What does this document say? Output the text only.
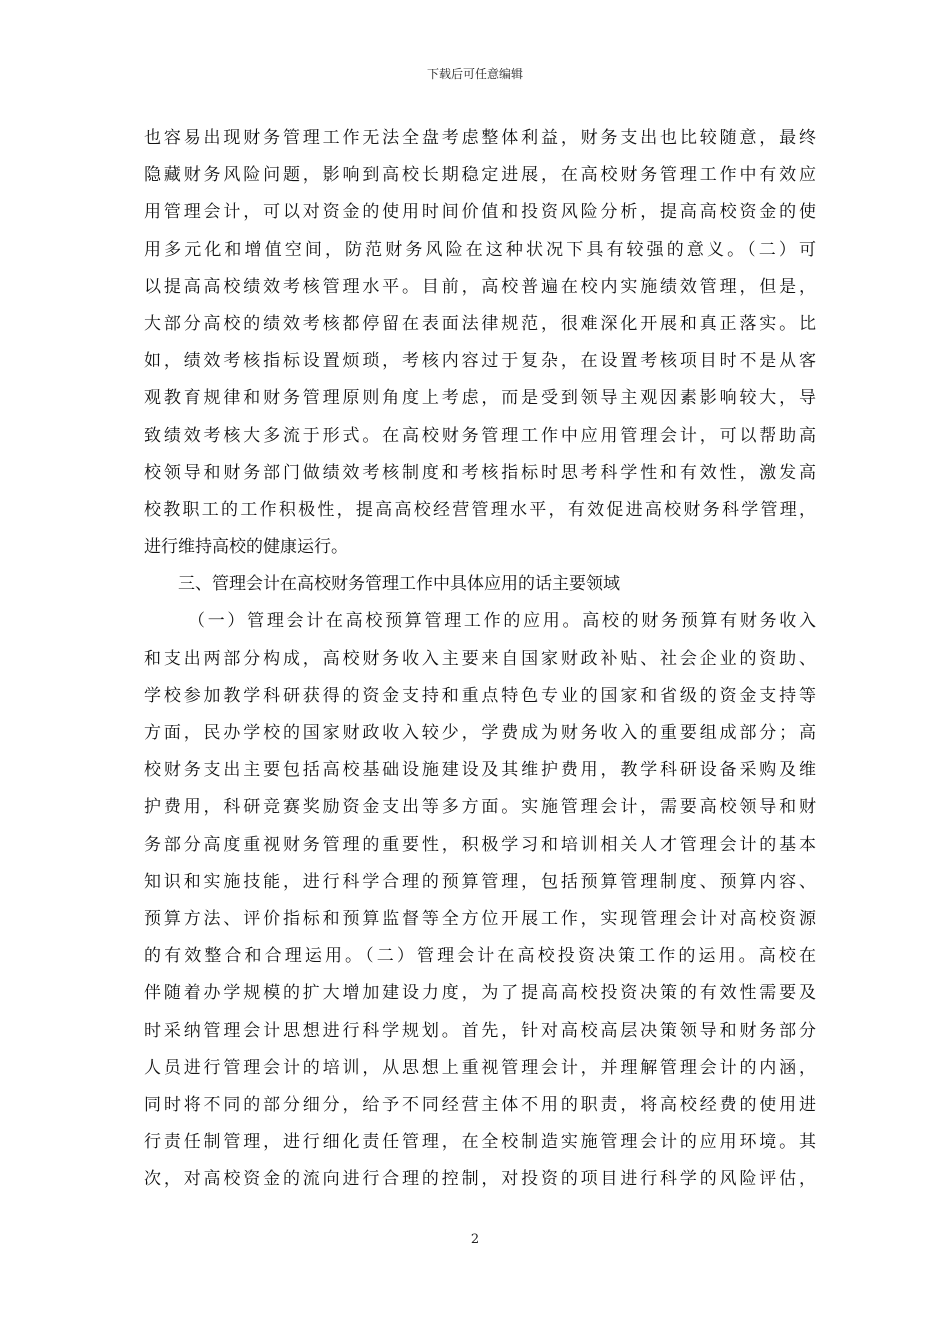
下载后可任意编辑
也容易出现财务管理工作无法全盘考虑整体利益，财务支出也比较随意，最终
隐藏财务风险问题，影响到高校长期稳定进展，在高校财务管理工作中有效应
用管理会计，可以对资金的使用时间价值和投资风险分析，提高高校资金的使
用多元化和增值空间，防范财务风险在这种状况下具有较强的意义。（二）可
以提高高校绩效考核管理水平。目前，高校普遍在校内实施绩效管理，但是，
大部分高校的绩效考核都停留在表面法律规范，很难深化开展和真正落实。比
如，绩效考核指标设置烦琐，考核内容过于复杂，在设置考核项目时不是从客
观教育规律和财务管理原则角度上考虑，而是受到领导主观因素影响较大，导
致绩效考核大多流于形式。在高校财务管理工作中应用管理会计，可以帮助高
校领导和财务部门做绩效考核制度和考核指标时思考科学性和有效性，激发高
校教职工的工作积极性，提高高校经营管理水平，有效促进高校财务科学管理，
进行维持高校的健康运行。
三、管理会计在高校财务管理工作中具体应用的话主要领域
（一）管理会计在高校预算管理工作的应用。高校的财务预算有财务收入
和支出两部分构成，高校财务收入主要来自国家财政补贴、社会企业的资助、
学校参加教学科研获得的资金支持和重点特色专业的国家和省级的资金支持等
方面，民办学校的国家财政收入较少，学费成为财务收入的重要组成部分；高
校财务支出主要包括高校基础设施建设及其维护费用，教学科研设备采购及维
护费用，科研竞赛奖励资金支出等多方面。实施管理会计，需要高校领导和财
务部分高度重视财务管理的重要性，积极学习和培训相关人才管理会计的基本
知识和实施技能，进行科学合理的预算管理，包括预算管理制度、预算内容、
预算方法、评价指标和预算监督等全方位开展工作，实现管理会计对高校资源
的有效整合和合理运用。（二）管理会计在高校投资决策工作的运用。高校在
伴随着办学规模的扩大增加建设力度，为了提高高校投资决策的有效性需要及
时采纳管理会计思想进行科学规划。首先，针对高校高层决策领导和财务部分
人员进行管理会计的培训，从思想上重视管理会计，并理解管理会计的内涵，
同时将不同的部分细分，给予不同经营主体不用的职责，将高校经费的使用进
行责任制管理，进行细化责任管理，在全校制造实施管理会计的应用环境。其
次，对高校资金的流向进行合理的控制，对投资的项目进行科学的风险评估，
2
